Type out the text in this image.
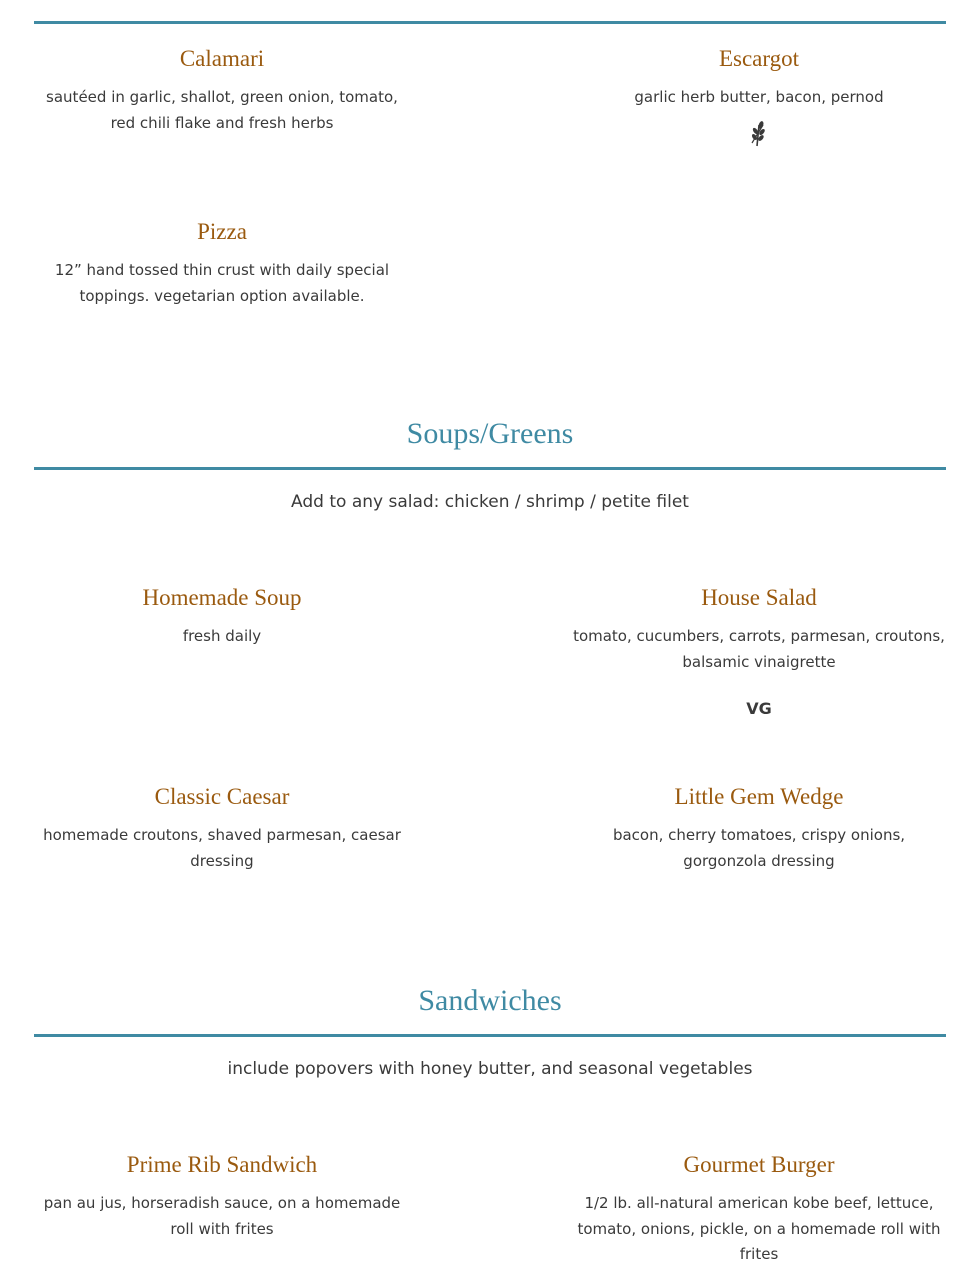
Calamari
sautéed in garlic, shallot, green onion, tomato, red chili flake and fresh herbs
Escargot
garlic herb butter, bacon, pernod
Pizza
12” hand tossed thin crust with daily special toppings. vegetarian option available.
Soups/Greens
Add to any salad: chicken / shrimp / petite filet
Homemade Soup
fresh daily
House Salad
tomato, cucumbers, carrots, parmesan, croutons, balsamic vinaigrette
VG
Classic Caesar
homemade croutons, shaved parmesan, caesar dressing
Little Gem Wedge
bacon, cherry tomatoes, crispy onions, gorgonzola dressing
Sandwiches
include popovers with honey butter, and seasonal vegetables
Prime Rib Sandwich
pan au jus, horseradish sauce, on a homemade roll with frites
Gourmet Burger
1/2 lb. all-natural american kobe beef, lettuce, tomato, onions, pickle, on a homemade roll with frites
